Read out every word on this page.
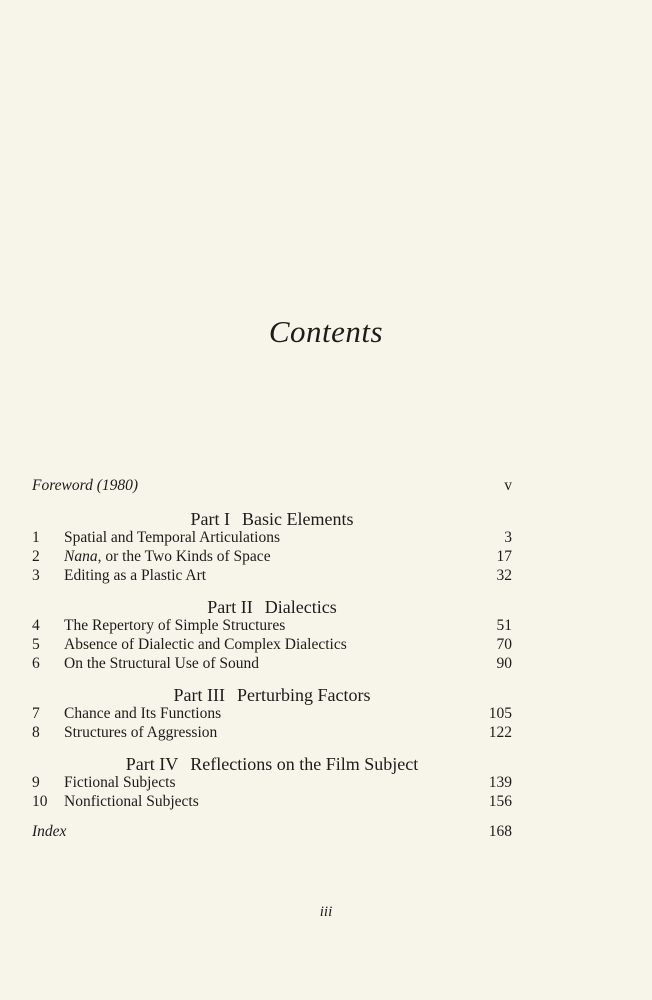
Contents
Foreword (1980)	v
Part I Basic Elements
1	Spatial and Temporal Articulations	3
2	Nana, or the Two Kinds of Space	17
3	Editing as a Plastic Art	32
Part II Dialectics
4	The Repertory of Simple Structures	51
5	Absence of Dialectic and Complex Dialectics	70
6	On the Structural Use of Sound	90
Part III Perturbing Factors
7	Chance and Its Functions	105
8	Structures of Aggression	122
Part IV Reflections on the Film Subject
9	Fictional Subjects	139
10 Nonfictional Subjects	156
Index	168
iii
